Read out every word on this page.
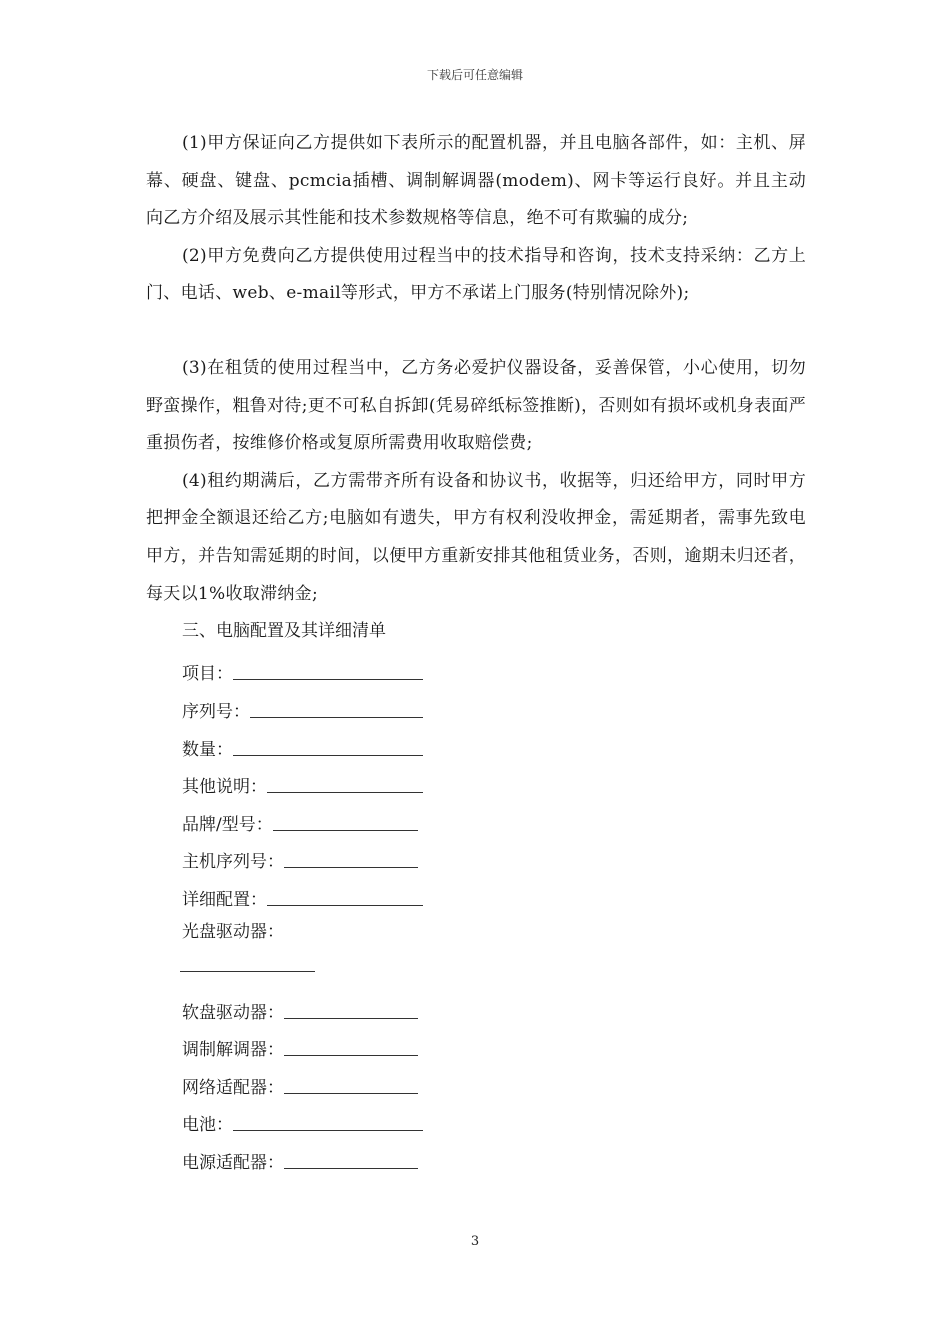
下载后可任意编辑

(1)甲方保证向乙方提供如下表所示的配置机器，并且电脑各部件，如：主机、屏幕、硬盘、键盘、pcmcia插槽、调制解调器(modem)、网卡等运行良好。并且主动向乙方介绍及展示其性能和技术参数规格等信息，绝不可有欺骗的成分;

(2)甲方免费向乙方提供使用过程当中的技术指导和咨询，技术支持采纳：乙方上门、电话、web、e-mail等形式，甲方不承诺上门服务(特别情况除外);

(3)在租赁的使用过程当中，乙方务必爱护仪器设备，妥善保管，小心使用，切勿野蛮操作，粗鲁对待;更不可私自拆卸(凭易碎纸标签推断)，否则如有损坏或机身表面严重损伤者，按维修价格或复原所需费用收取赔偿费;

(4)租约期满后，乙方需带齐所有设备和协议书，收据等，归还给甲方，同时甲方把押金全额退还给乙方;电脑如有遗失，甲方有权利没收押金，需延期者，需事先致电甲方，并告知需延期的时间，以便甲方重新安排其他租赁业务，否则，逾期未归还者，每天以1%收取滞纳金;

三、电脑配置及其详细清单

项目：
序列号：
数量：
其他说明：
品牌/型号：
主机序列号：
详细配置：
光盘驱动器：
软盘驱动器：
调制解调器：
网络适配器：
电池：
电源适配器：
3
